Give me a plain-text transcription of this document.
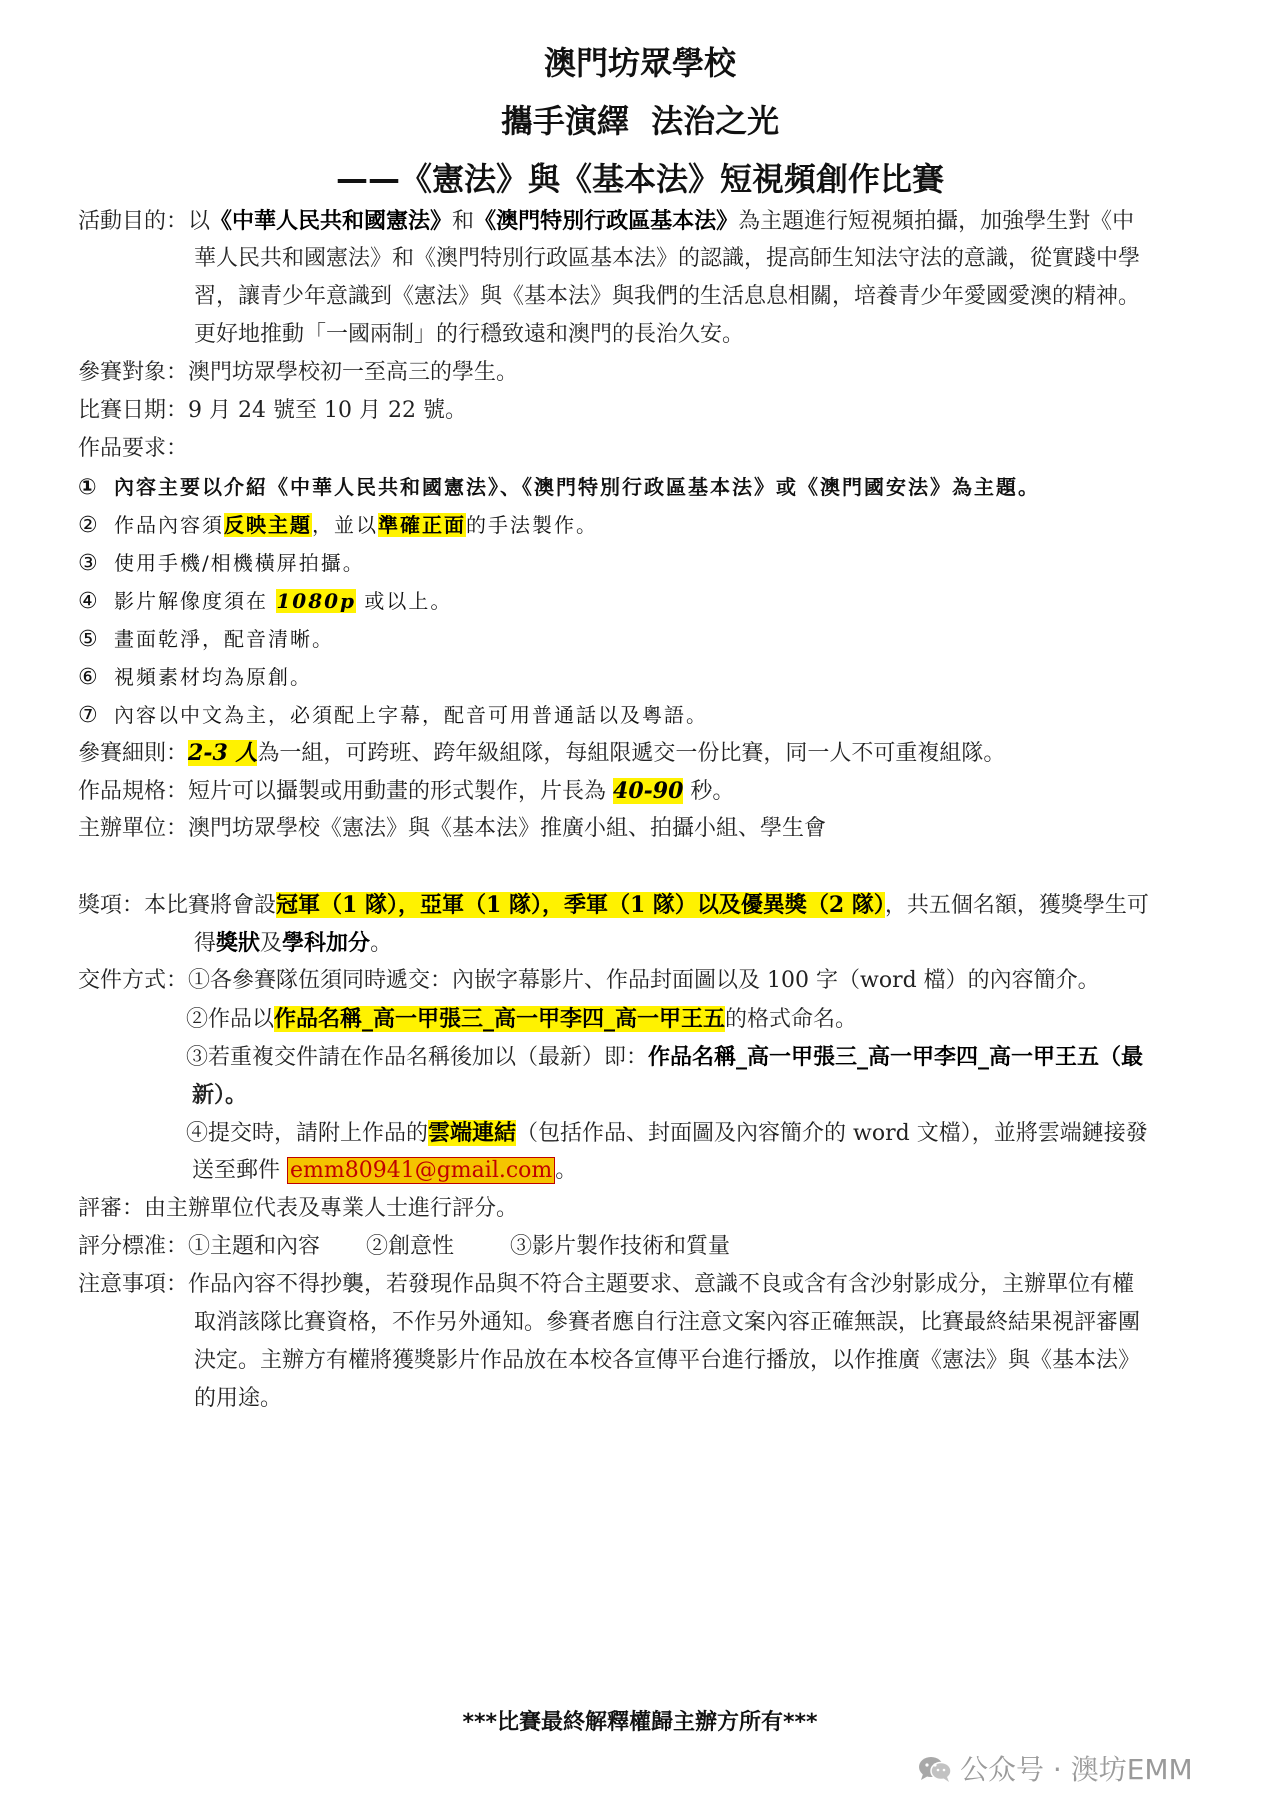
澳門坊眾學校
攜手演繹  法治之光
——《憲法》與《基本法》短視頻創作比賽
活動目的：以《中華人民共和國憲法》和《澳門特別行政區基本法》為主題進行短視頻拍攝，加強學生對《中
華人民共和國憲法》和《澳門特別行政區基本法》的認識，提高師生知法守法的意識，從實踐中學
習，讓青少年意識到《憲法》與《基本法》與我們的生活息息相關，培養青少年愛國愛澳的精神。
更好地推動「一國兩制」的行穩致遠和澳門的長治久安。
參賽對象：澳門坊眾學校初一至高三的學生。
比賽日期：9 月 24 號至 10 月 22 號。
作品要求：
① 內容主要以介紹《中華人民共和國憲法》、《澳門特別行政區基本法》或《澳門國安法》為主題。
② 作品內容須反映主題，並以準確正面的手法製作。
③ 使用手機/相機橫屏拍攝。
④ 影片解像度須在 1080p 或以上。
⑤ 畫面乾淨，配音清晰。
⑥ 視頻素材均為原創。
⑦ 內容以中文為主，必須配上字幕，配音可用普通話以及粵語。
參賽細則：2-3 人為一組，可跨班、跨年級組隊，每組限遞交一份比賽，同一人不可重複組隊。
作品規格：短片可以攝製或用動畫的形式製作，片長為 40-90 秒。
主辦單位：澳門坊眾學校《憲法》與《基本法》推廣小組、拍攝小組、學生會
獎項：本比賽將會設冠軍（1 隊），亞軍（1 隊），季軍（1 隊）以及優異獎（2 隊），共五個名額，獲獎學生可
得獎狀及學科加分。
交件方式：①各參賽隊伍須同時遞交：內嵌字幕影片、作品封面圖以及 100 字（word 檔）的內容簡介。
②作品以作品名稱_高一甲張三_高一甲李四_高一甲王五的格式命名。
③若重複交件請在作品名稱後加以（最新）即：作品名稱_高一甲張三_高一甲李四_高一甲王五（最
新）。
④提交時，請附上作品的雲端連結（包括作品、封面圖及內容簡介的 word 文檔），並將雲端鏈接發
送至郵件 emm80941@gmail.com 。
評審：由主辦單位代表及專業人士進行評分。
評分標准：①主題和內容 ②創意性	③影片製作技術和質量
注意事項：作品內容不得抄襲，若發現作品與不符合主題要求、意識不良或含有含沙射影成分，主辦單位有權
取消該隊比賽資格，不作另外通知。參賽者應自行注意文案內容正確無誤，比賽最終結果視評審團
決定。主辦方有權將獲獎影片作品放在本校各宣傳平台進行播放，以作推廣《憲法》與《基本法》
的用途。
***比賽最終解釋權歸主辦方所有***
公众号 · 澳坊EMM
